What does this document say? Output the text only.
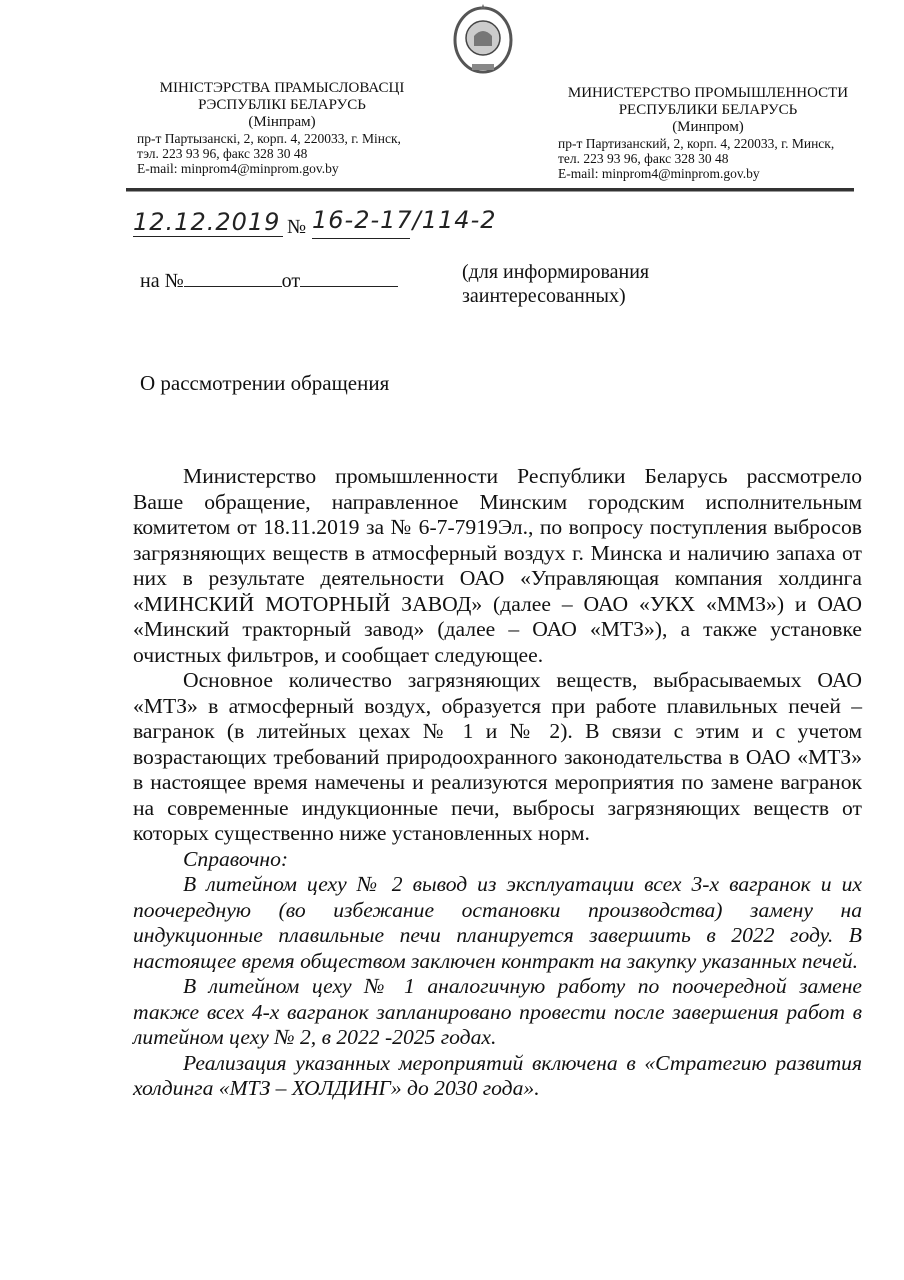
МІНІСТЭРСТВА ПРАМЫСЛОВАСЦІ
РЭСПУБЛІКІ БЕЛАРУСЬ
(Мінпрам)
пр-т Партызанскі, 2, корп. 4, 220033, г. Мінск,
тэл. 223 93 96, факс 328 30 48
E-mail: minprom4@minprom.gov.by
МИНИСТЕРСТВО ПРОМЫШЛЕННОСТИ
РЕСПУБЛИКИ БЕЛАРУСЬ
(Минпром)
пр-т Партизанский, 2, корп. 4, 220033, г. Минск,
тел. 223 93 96, факс 328 30 48
E-mail: minprom4@minprom.gov.by
12.12.2019 № 16-2-17/114-2
на №	от	(для информирования
заинтересованных)
О рассмотрении обращения

Министерство промышленности Республики Беларусь рассмотрело Ваше обращение, направленное Минским городским исполнительным комитетом от 18.11.2019 за № 6-7-7919Эл., по вопросу поступления выбросов загрязняющих веществ в атмосферный воздух г. Минска и наличию запаха от них в результате деятельности ОАО «Управляющая компания холдинга «МИНСКИЙ МОТОРНЫЙ ЗАВОД» (далее – ОАО «УКХ «ММЗ») и ОАО «Минский тракторный завод» (далее – ОАО «МТЗ»), а также установке очистных фильтров, и сообщает следующее.

Основное количество загрязняющих веществ, выбрасываемых ОАО «МТЗ» в атмосферный воздух, образуется при работе плавильных печей – вагранок (в литейных цехах № 1 и № 2). В связи с этим и с учетом возрастающих требований природоохранного законодательства в ОАО «МТЗ» в настоящее время намечены и реализуются мероприятия по замене вагранок на современные индукционные печи, выбросы загрязняющих веществ от которых существенно ниже установленных норм.

Справочно:

В литейном цеху № 2 вывод из эксплуатации всех 3-х вагранок и их поочередную (во избежание остановки производства) замену на индукционные плавильные печи планируется завершить в 2022 году. В настоящее время обществом заключен контракт на закупку указанных печей.

В литейном цеху № 1 аналогичную работу по поочередной замене также всех 4-х вагранок запланировано провести после завершения работ в литейном цеху № 2, в 2022 -2025 годах.

Реализация указанных мероприятий включена в «Стратегию развития холдинга «МТЗ – ХОЛДИНГ» до 2030 года».
